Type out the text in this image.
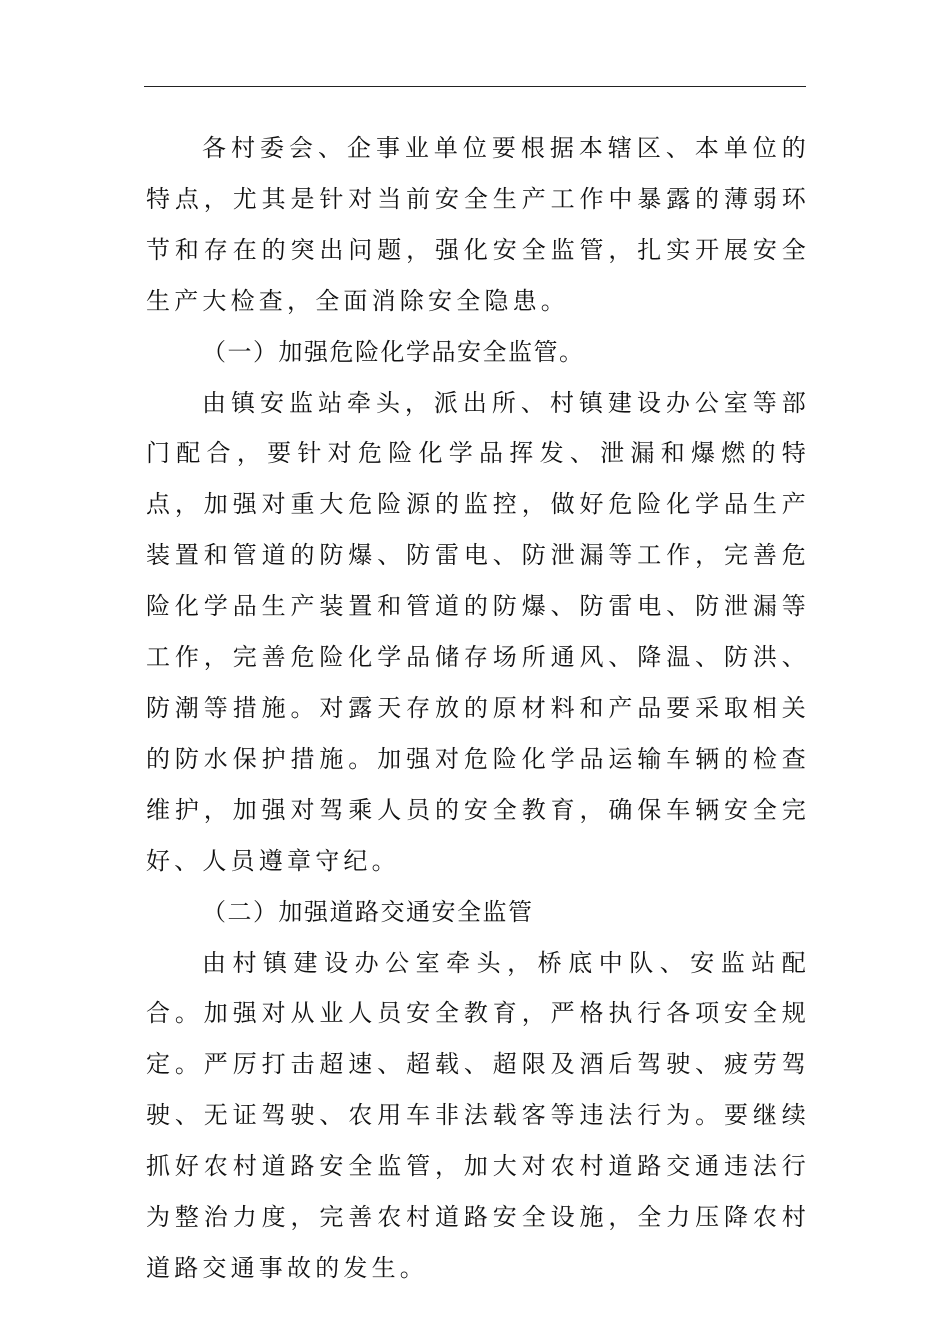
各村委会、企事业单位要根据本辖区、本单位的特点，尤其是针对当前安全生产工作中暴露的薄弱环节和存在的突出问题，强化安全监管，扎实开展安全生产大检查，全面消除安全隐患。

（一）加强危险化学品安全监管。

由镇安监站牵头，派出所、村镇建设办公室等部门配合，要针对危险化学品挥发、泄漏和爆燃的特点，加强对重大危险源的监控，做好危险化学品生产装置和管道的防爆、防雷电、防泄漏等工作，完善危险化学品生产装置和管道的防爆、防雷电、防泄漏等工作，完善危险化学品储存场所通风、降温、防洪、防潮等措施。对露天存放的原材料和产品要采取相关的防水保护措施。加强对危险化学品运输车辆的检查维护，加强对驾乘人员的安全教育，确保车辆安全完好、人员遵章守纪。

（二）加强道路交通安全监管

由村镇建设办公室牵头，桥底中队、安监站配合。加强对从业人员安全教育，严格执行各项安全规定。严厉打击超速、超载、超限及酒后驾驶、疲劳驾驶、无证驾驶、农用车非法载客等违法行为。要继续抓好农村道路安全监管，加大对农村道路交通违法行为整治力度，完善农村道路安全设施，全力压降农村道路交通事故的发生。
